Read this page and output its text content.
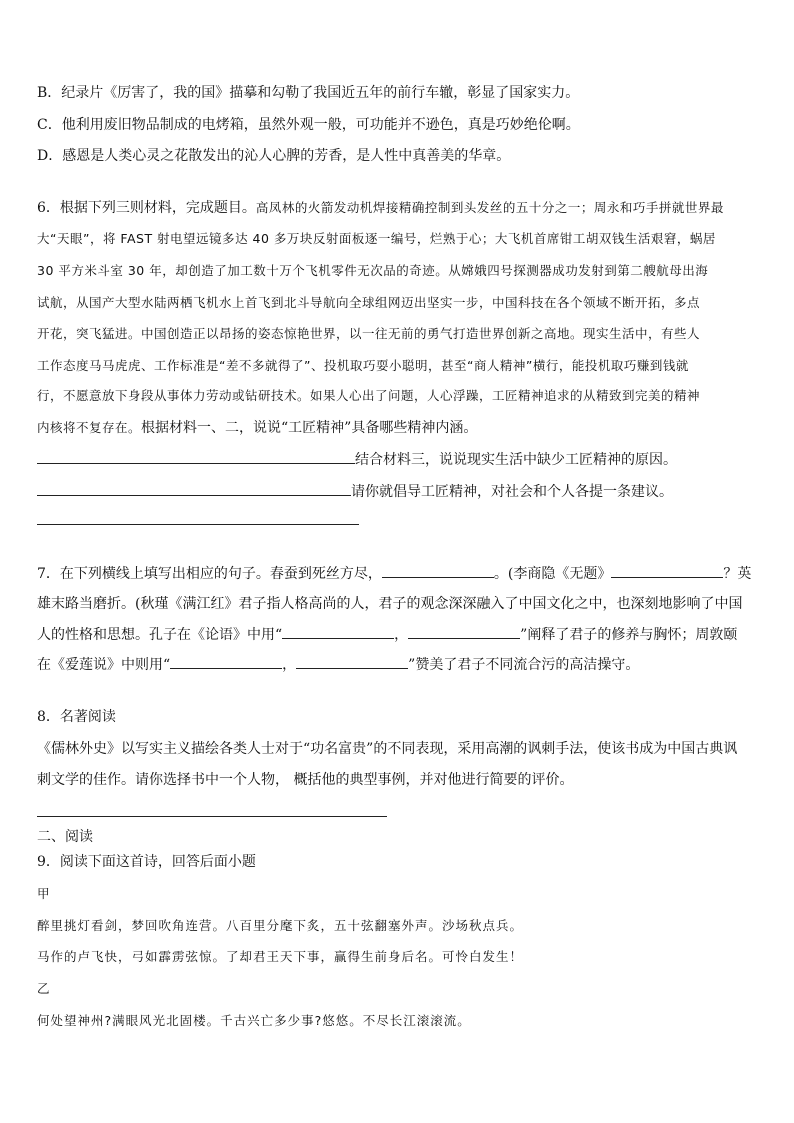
B．纪录片《厉害了，我的国》描摹和勾勒了我国近五年的前行车辙，彰显了国家实力。
C．他利用废旧物品制成的电烤箱，虽然外观一般，可功能并不逊色，真是巧妙绝伦啊。
D．感恩是人类心灵之花散发出的沁人心脾的芳香，是人性中真善美的华章。
6．根据下列三则材料，完成题目。高凤林的火箭发动机焊接精确控制到头发丝的五十分之一；周永和巧手拼就世界最
大“天眼”，将 FAST 射电望远镜多达 40 多万块反射面板逐一编号，烂熟于心；大飞机首席钳工胡双钱生活艰窘，蜗居
30 平方米斗室 30 年，却创造了加工数十万个飞机零件无次品的奇迹。从嫦娥四号探测器成功发射到第二艘航母出海
试航，从国产大型水陆两栖飞机水上首飞到北斗导航向全球组网迈出坚实一步，中国科技在各个领域不断开拓，多点
开花，突飞猛进。中国创造正以昂扬的姿态惊艳世界，以一往无前的勇气打造世界创新之高地。现实生活中，有些人
工作态度马马虎虎、工作标准是“差不多就得了”、投机取巧耍小聪明，甚至“商人精神”横行，能投机取巧赚到钱就
行，不愿意放下身段从事体力劳动或钻研技术。如果人心出了问题，人心浮躁，工匠精神追求的从精致到完美的精神
内核将不复存在。根据材料一、二，说说“工匠精神”具备哪些精神内涵。
结合材料三，说说现实生活中缺少工匠精神的原因。
请你就倡导工匠精神，对社会和个人各提一条建议。
7．在下列横线上填写出相应的句子。春蚕到死丝方尽，	。(李商隐《无题》	？英
雄末路当磨折。(秋瑾《满江红》君子指人格高尚的人，君子的观念深深融入了中国文化之中，也深刻地影响了中国
人的性格和思想。孔子在《论语》中用“	，	”阐释了君子的修养与胸怀；周敦颐
在《爱莲说》中则用“	，	”赞美了君子不同流合污的高洁操守。
8．名著阅读
《儒林外史》以写实主义描绘各类人士对于“功名富贵”的不同表现，采用高潮的讽刺手法，使该书成为中国古典讽
刺文学的佳作。请你选择书中一个人物， 概括他的典型事例，并对他进行简要的评价。
二、阅读
9．阅读下面这首诗，回答后面小题
甲
醉里挑灯看剑，梦回吹角连营。八百里分麾下炙，五十弦翻塞外声。沙场秋点兵。
马作的卢飞快，弓如霹雳弦惊。了却君王天下事，赢得生前身后名。可怜白发生！
乙
何处望神州?满眼风光北固楼。千古兴亡多少事?悠悠。不尽长江滚滚流。
